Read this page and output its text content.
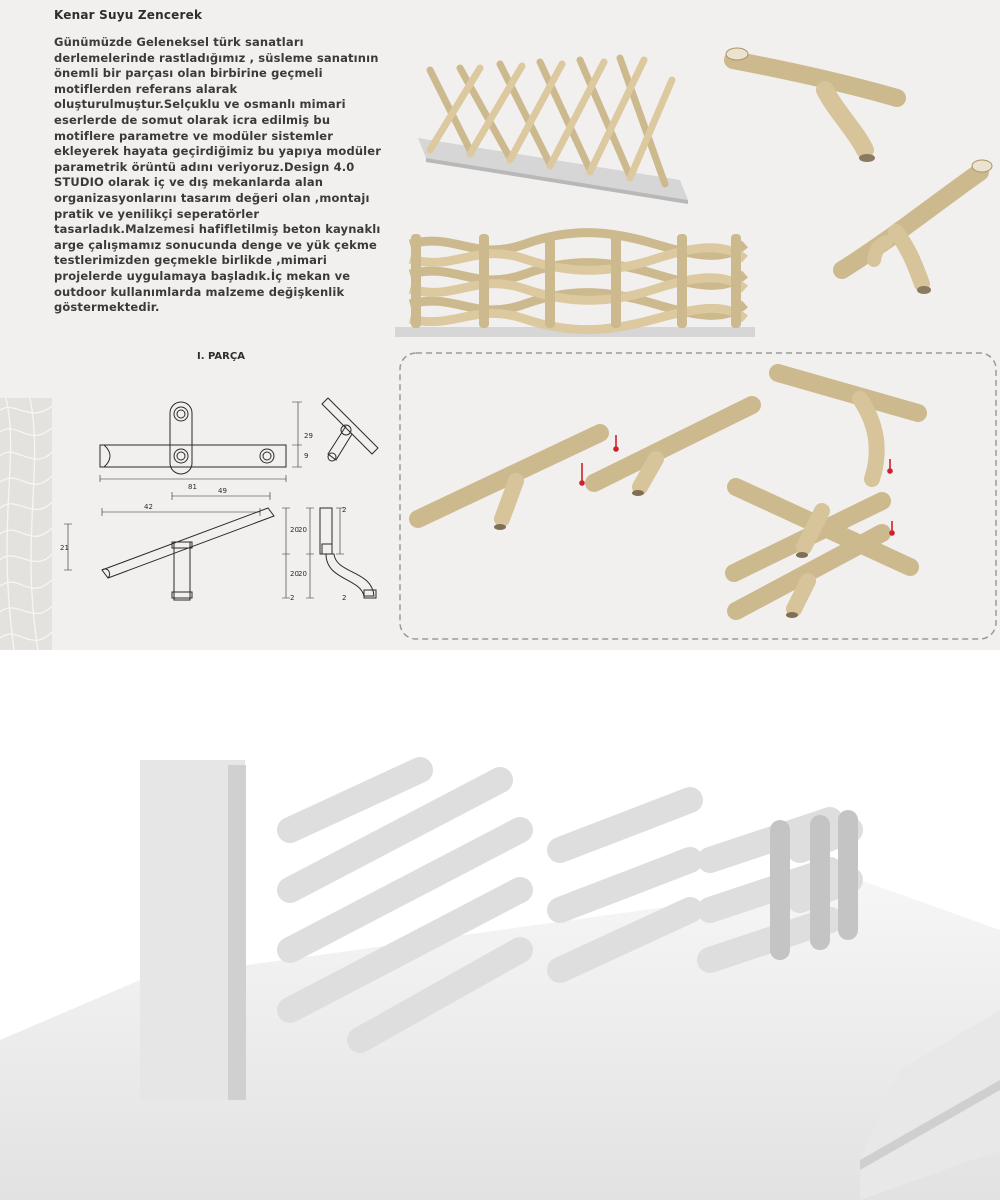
Kenar Suyu Zencerek

Günümüzde Geleneksel türk sanatları derlemelerinde rastladığımız , süsleme sanatının önemli bir parçası olan birbirine geçmeli motiflerden referans alarak oluşturulmuştur.Selçuklu ve osmanlı mimari eserlerde de somut olarak icra edilmiş bu motiflere parametre ve modüler sistemler ekleyerek hayata geçirdiğimiz bu yapıya modüler parametrik örüntü adını veriyoruz.Design 4.0 STUDIO olarak iç ve dış mekanlarda alan organizasyonlarını tasarım değeri olan ,montajı pratik ve yenilikçi seperatörler tasarladık.Malzemesi hafifletilmiş beton kaynaklı arge çalışmamız sonucunda denge ve yük çekme testlerimizden geçmekle birlikde ,mimari projelerde uygulamaya başladık.İç mekan ve outdoor kullanımlarda malzeme değişkenlik göstermektedir.

I. PARÇA
81
29
9
49
42
21
20
20
2
20
20
2
2
